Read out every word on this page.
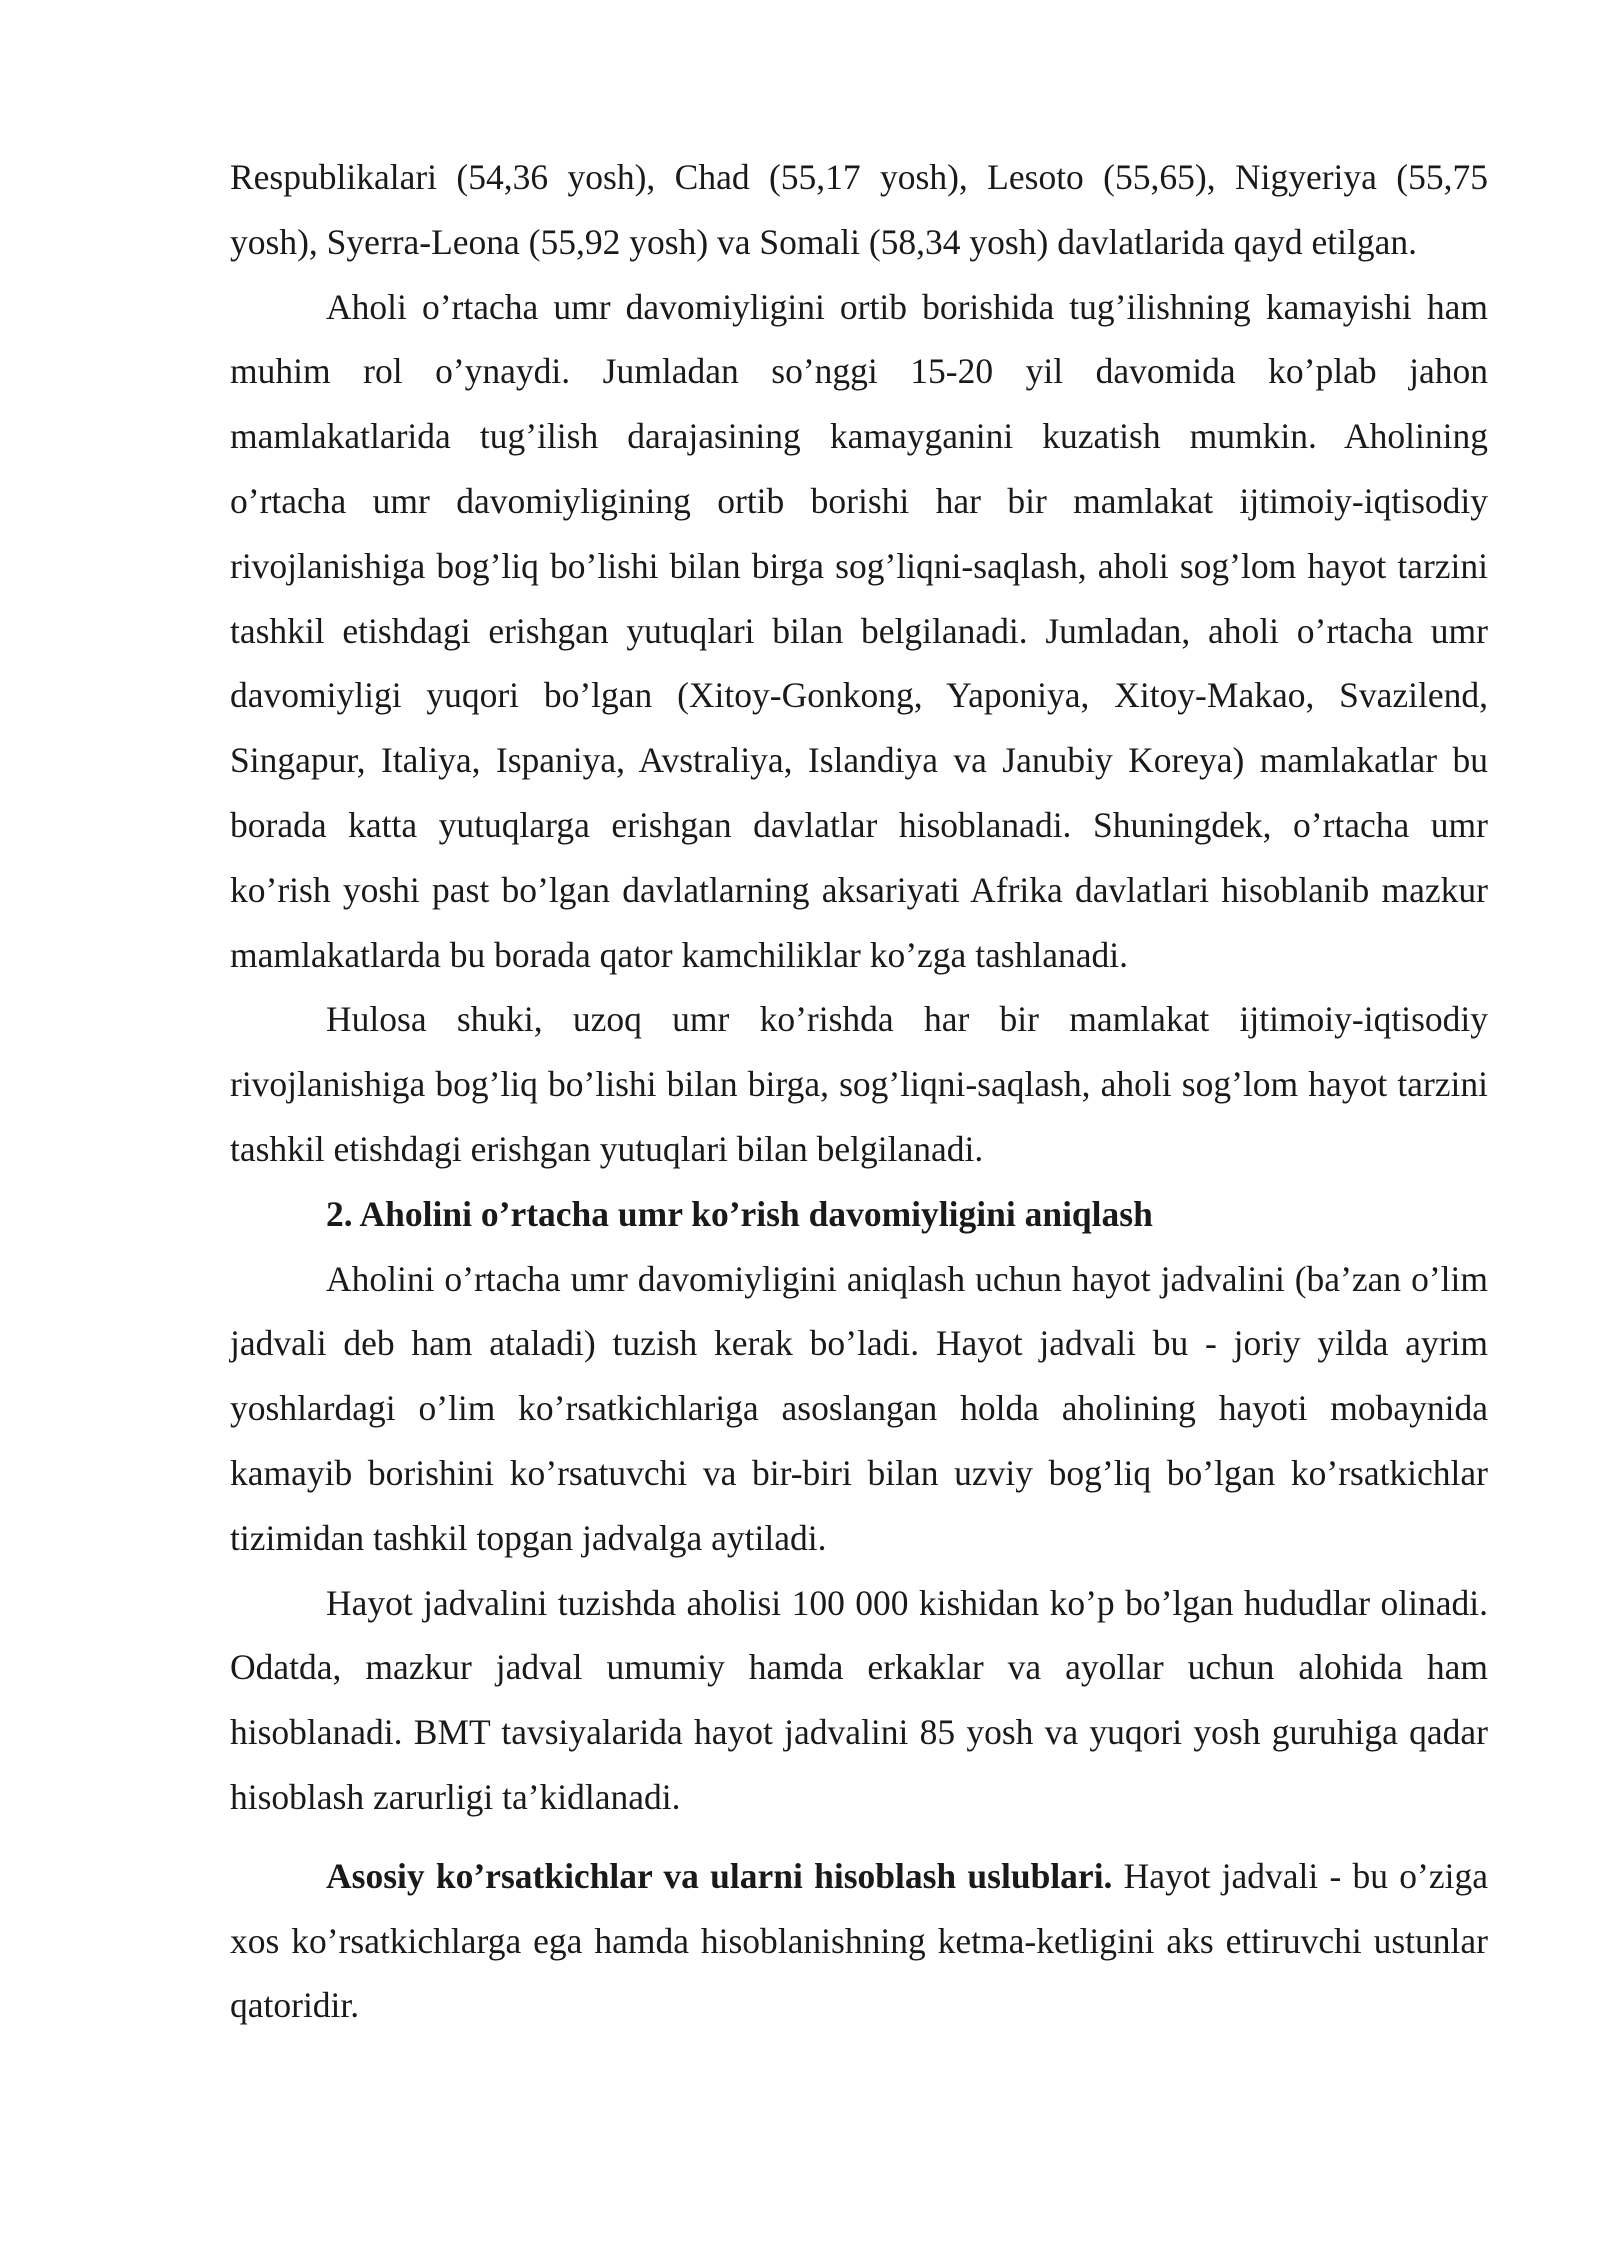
Respublikalari (54,36 yosh), Chad (55,17 yosh), Lesoto (55,65), Nigyeriya (55,75 yosh), Syerra-Leona (55,92 yosh) va Somali (58,34 yosh) davlatlarida qayd etilgan.

Aholi o’rtacha umr davomiyligini ortib borishida tug’ilishning kamayishi ham muhim rol o’ynaydi. Jumladan so’nggi 15-20 yil davomida ko’plab jahon mamlakatlarida tug’ilish darajasining kamayganini kuzatish mumkin. Aholining o’rtacha umr davomiyligining ortib borishi har bir mamlakat ijtimoiy-iqtisodiy rivojlanishiga bog’liq bo’lishi bilan birga sog’liqni-saqlash, aholi sog’lom hayot tarzini tashkil etishdagi erishgan yutuqlari bilan belgilanadi. Jumladan, aholi o’rtacha umr davomiyligi yuqori bo’lgan (Xitoy-Gonkong, Yaponiya, Xitoy-Makao, Svazilend, Singapur, Italiya, Ispaniya, Avstraliya, Islandiya va Janubiy Koreya) mamlakatlar bu borada katta yutuqlarga erishgan davlatlar hisoblanadi. Shuningdek, o’rtacha umr ko’rish yoshi past bo’lgan davlatlarning aksariyati Afrika davlatlari hisoblanib mazkur mamlakatlarda bu borada qator kamchiliklar ko’zga tashlanadi.

Hulosa shuki, uzoq umr ko’rishda har bir mamlakat ijtimoiy-iqtisodiy rivojlanishiga bog’liq bo’lishi bilan birga, sog’liqni-saqlash, aholi sog’lom hayot tarzini tashkil etishdagi erishgan yutuqlari bilan belgilanadi.

2. Aholini o’rtacha umr ko’rish davomiyligini aniqlash

Aholini o’rtacha umr davomiyligini aniqlash uchun hayot jadvalini (ba’zan o’lim jadvali deb ham ataladi) tuzish kerak bo’ladi. Hayot jadvali bu - joriy yilda ayrim yoshlardagi o’lim ko’rsatkichlariga asoslangan holda aholining hayoti mobaynida kamayib borishini ko’rsatuvchi va bir-biri bilan uzviy bog’liq bo’lgan ko’rsatkichlar tizimidan tashkil topgan jadvalga aytiladi.

Hayot jadvalini tuzishda aholisi 100 000 kishidan ko’p bo’lgan hududlar olinadi. Odatda, mazkur jadval umumiy hamda erkaklar va ayollar uchun alohida ham hisoblanadi. BMT tavsiyalarida hayot jadvalini 85 yosh va yuqori yosh guruhiga qadar hisoblash zarurligi ta’kidlanadi.

Asosiy ko’rsatkichlar va ularni hisoblash uslublari. Hayot jadvali - bu o’ziga xos ko’rsatkichlarga ega hamda hisoblanishning ketma-ketligini aks ettiruvchi ustunlar qatoridir.
